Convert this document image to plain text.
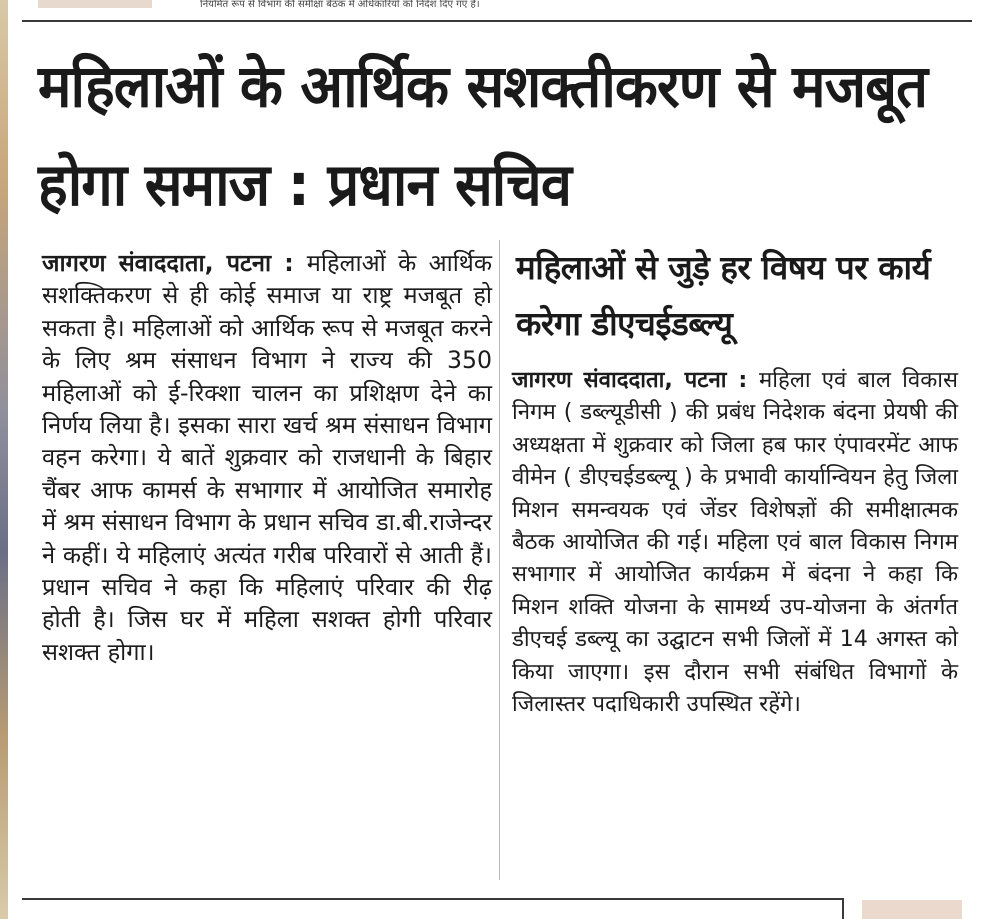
नियमित रूप से विभाग की समीक्षा बैठक में अधिकारियों को निर्देश दिए गए हैं।
महिलाओं के आर्थिक सशक्तीकरण से मजबूत होगा समाज : प्रधान सचिव

जागरण संवाददाता, पटना : महिलाओं के आर्थिक सशक्तिकरण से ही कोई समाज या राष्ट्र मजबूत हो सकता है। महिलाओं को आर्थिक रूप से मजबूत करने के लिए श्रम संसाधन विभाग ने राज्य की 350 महिलाओं को ई-रिक्शा चालन का प्रशिक्षण देने का निर्णय लिया है। इसका सारा खर्च श्रम संसाधन विभाग वहन करेगा। ये बातें शुक्रवार को राजधानी के बिहार चैंबर आफ कामर्स के सभागार में आयोजित समारोह में श्रम संसाधन विभाग के प्रधान सचिव डा.बी.राजेन्दर ने कहीं। ये महिलाएं अत्यंत गरीब परिवारों से आती हैं। प्रधान सचिव ने कहा कि महिलाएं परिवार की रीढ़ होती है। जिस घर में महिला सशक्त होगी परिवार सशक्त होगा।

महिलाओं से जुड़े हर विषय पर कार्य करेगा डीएचईडब्ल्यू

जागरण संवाददाता, पटना : महिला एवं बाल विकास निगम ( डब्ल्यूडीसी ) की प्रबंध निदेशक बंदना प्रेयषी की अध्यक्षता में शुक्रवार को जिला हब फार एंपावरमेंट आफ वीमेन ( डीएचईडब्ल्यू ) के प्रभावी कार्यान्वियन हेतु जिला मिशन समन्वयक एवं जेंडर विशेषज्ञों की समीक्षात्मक बैठक आयोजित की गई। महिला एवं बाल विकास निगम सभागार में आयोजित कार्यक्रम में बंदना ने कहा कि मिशन शक्ति योजना के सामर्थ्य उप-योजना के अंतर्गत डीएचई डब्ल्यू का उद्घाटन सभी जिलों में 14 अगस्त को किया जाएगा। इस दौरान सभी संबंधित विभागों के जिलास्तर पदाधिकारी उपस्थित रहेंगे।
